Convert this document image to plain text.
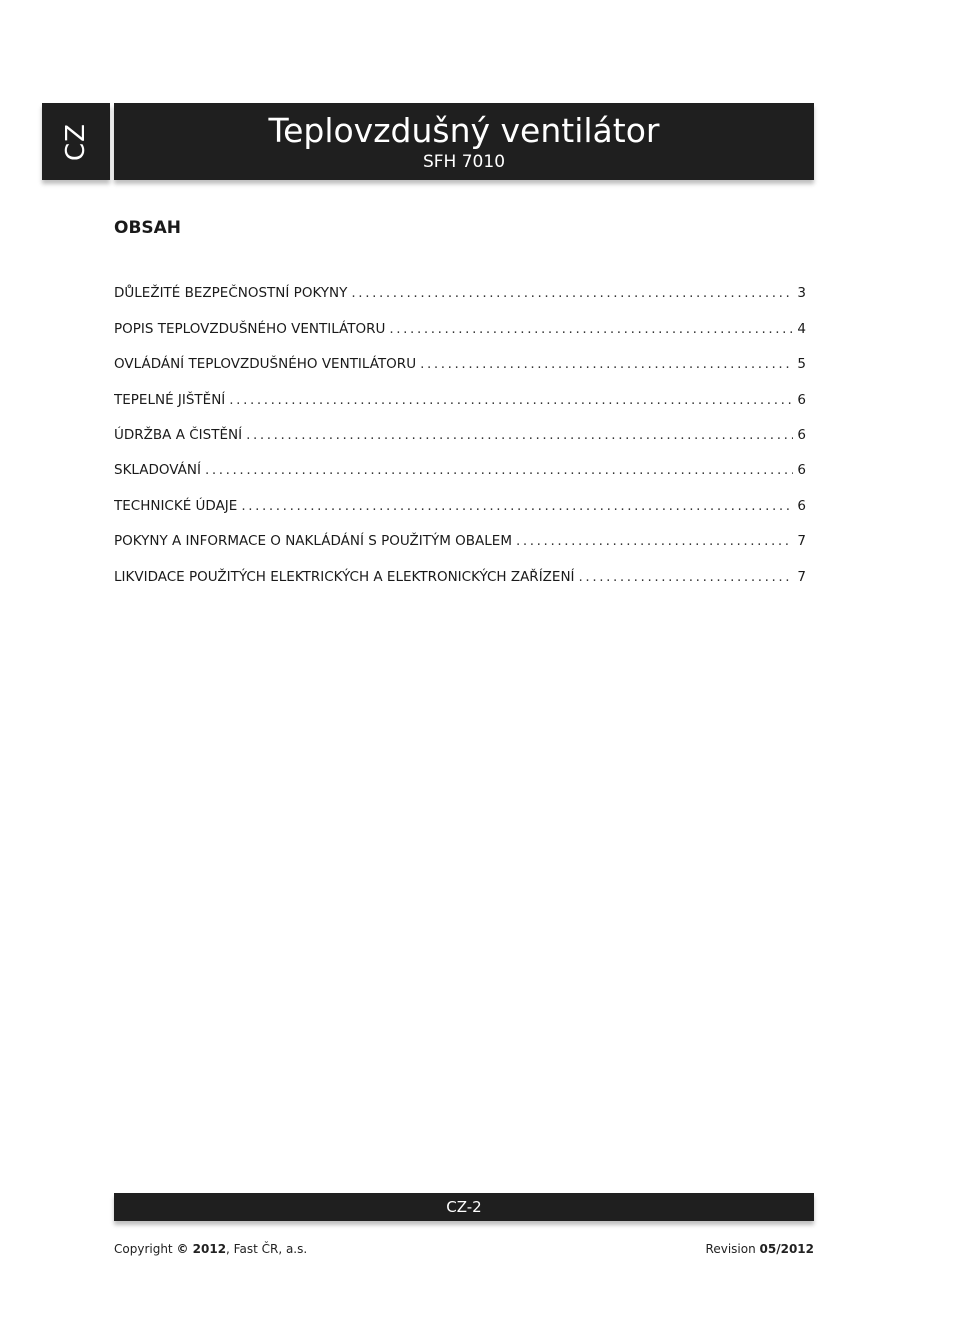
CZ	Teplovzdušný ventilátor
SFH 7010
OBSAH
DŮLEŽITÉ BEZPEČNOSTNÍ POKYNY .....	3
POPIS TEPLOVZDUŠNÉHO VENTILÁTORU .....	4
OVLÁDÁNÍ TEPLOVZDUŠNÉHO VENTILÁTORU .....	5
TEPELNÉ JIŠTĚNÍ .....	6
ÚDRŽBA A ČISTĚNÍ .....	6
SKLADOVÁNÍ .....	6
TECHNICKÉ ÚDAJE .....	6
POKYNY A INFORMACE O NAKLÁDÁNÍ S POUŽITÝM OBALEM .....	7
LIKVIDACE POUŽITÝCH ELEKTRICKÝCH A ELEKTRONICKÝCH ZAŘÍZENÍ .....	7
CZ-2
Copyright © 2012, Fast ČR, a.s.	Revision 05/2012
